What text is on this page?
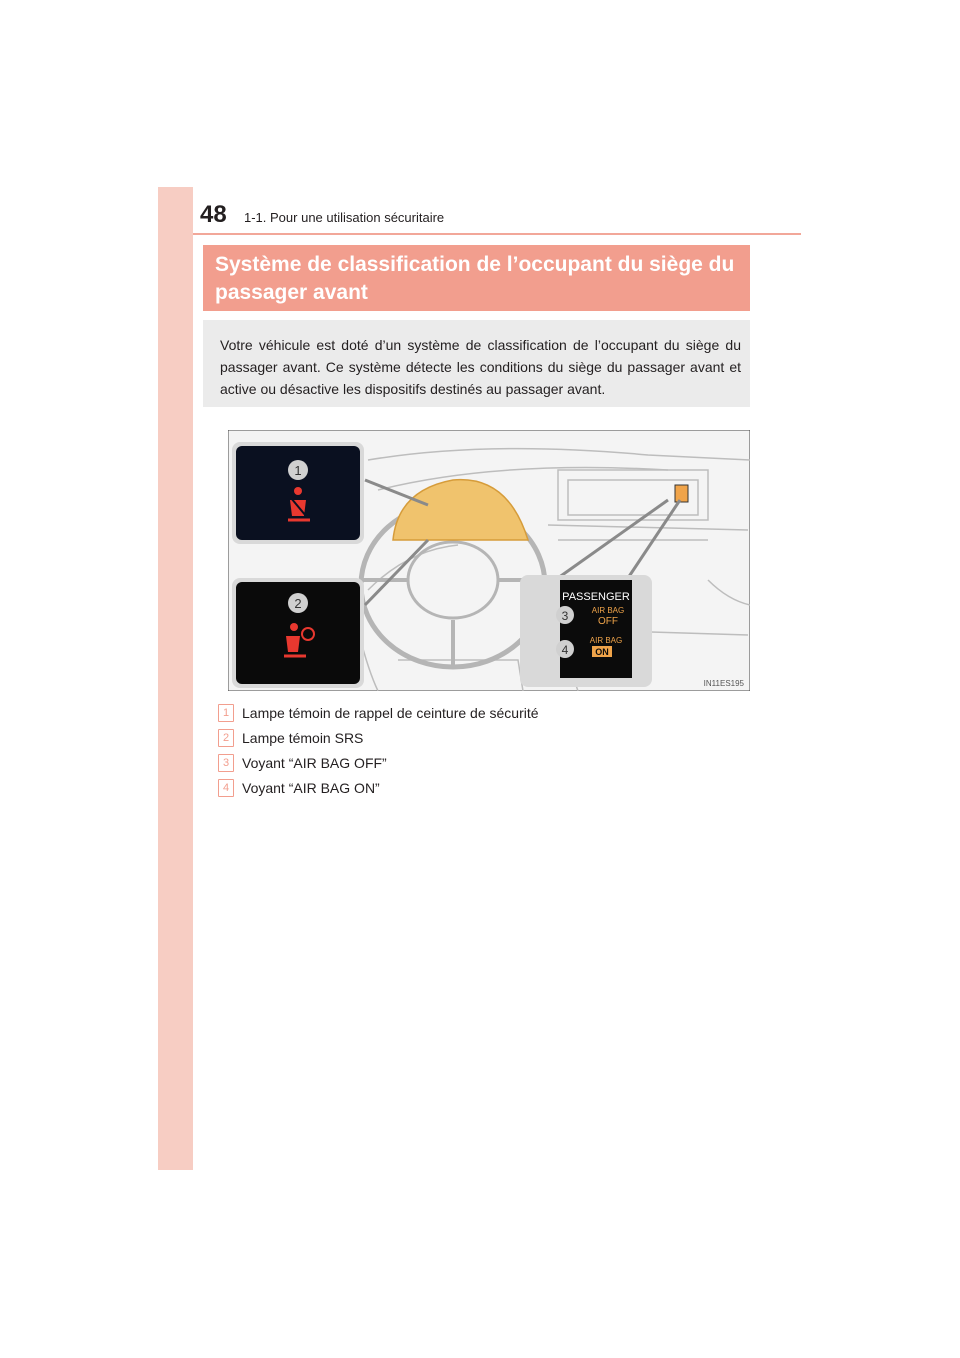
48 1-1. Pour une utilisation sécuritaire
Système de classification de l’occupant du siège du passager avant
Votre véhicule est doté d’un système de classification de l’occupant du siège du passager avant. Ce système détecte les conditions du siège du passager avant et active ou désactive les dispositifs destinés au passager avant.
1
2	PASSENGER
AIR BAG
OFF
AIR BAG
ON
3
4
IN11ES195
1 Lampe témoin de rappel de ceinture de sécurité
2 Lampe témoin SRS
3 Voyant “AIR BAG OFF”
4 Voyant “AIR BAG ON”
